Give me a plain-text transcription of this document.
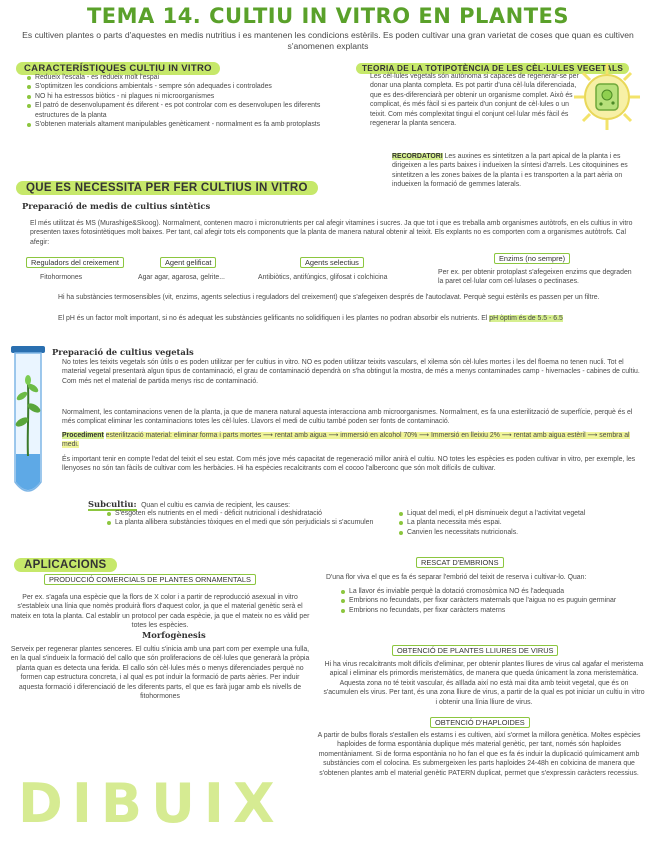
TEMA 14. CULTIU IN VITRO EN PLANTES

Es cultiven plantes o parts d'aquestes en medis nutritius i es mantenen les condicions estèrils. Es poden cultivar una gran varietat de coses que quan es cultiven s'anomenen explants

CARACTERÍSTIQUES CULTIU IN VITRO
Redueix l'escala - es redueix molt l'espai
S'optimitzen les condicions ambientals - sempre són adequades i controlades
NO hi ha estressos biòtics - ni plagues ni microorganismes
El patró de desenvolupament és diferent - es pot controlar com es desenvolupen les diferents estructures de la planta
S'obtenen materials altament manipulables genèticament - normalment es fa amb protoplasts
TEORIA DE LA TOTIPOTÈNCIA DE LES CÈL·LULES VEGETALS

Les cèl·lules vegetals són autònoma si capaces de regenerar-se per donar una planta completa. Es pot partir d'una cèl·lula diferenciada, que es des-diferenciarà per obtenir un organisme complet. Això és complicat, és més fàcil si es parteix d'un conjunt de cèl·lules o un teixit. Com més complexitat tingui el conjunt cel·lular més fàcil és regenerar la planta sencera.

RECORDATORI Les auxines es sintetitzen a la part apical de la planta i es dirigeixen a les parts baixes i indueixen la síntesi d'arrels. Les citoquinines es sintetitzen a les zones baixes de la planta i es transporten a la part aèria on indueixen la formació de gemmes laterals.

QUE ES NECESSITA PER FER CULTIUS IN VITRO
Preparació de medis de cultius sintètics

El més utilitzat és MS (Murashige&Skoog). Normalment, contenen macro i micronutrients per cal afegir vitamines i sucres. Ja que tot i que es treballa amb organismes autòtrofs, en els cultius in vitro presenten taxes fotosintètiques molt baixes. Per tant, cal afegir tots els components que la planta de manera natural obtenir al teixit. Els explants no es comporten com a organismes autòtrofs. Cal afegir:

Reguladors del creixement
Fitohormones
Agent gelificat
Agar agar, agarosa, gelrite...
Agents selectius
Antibiòtics, antifúngics, glifosat i colchicina
Enzims (no sempre)

Per ex. per obtenir protoplast s'afegeixen enzims que degraden la paret cel·lular com cel·lulases o pectinases.

Hi ha substàncies termosensibles (vit, enzims, agents selectius i reguladors del creixement) que s'afegeixen després de l'autoclavat. Perquè segui estèrils es passen per un filtre.

El pH és un factor molt important, si no és adequat les substàncies gelificants no solidifiquen i les plantes no podran absorbir els nutrients. El pH òptim és de 5.5 - 6.5

Preparació de cultius vegetals

No totes les teixits vegetals són útils o es poden utilitzar per fer cultius in vitro. NO es poden utilitzar teixits vasculars, el xilema són cèl·lules mortes i les del floema no tenen nucli. Tot el material vegetal presentarà algun tipus de contaminació, el grau de contaminació dependrà on s'ha obtingut la mostra, de més a menys contaminades camp - hivernacles - cabines de cultiu. Com més net el material de partida menys risc de contaminació.

Normalment, les contaminacions venen de la planta, ja que de manera natural aquesta interacciona amb microorganismes. Normalment, es fa una esterilització de superfície, perquè és el més complicat eliminar les contaminacions totes les cèl·lules. Llavors el medi de cultiu també poden ser fonts de contaminació.

Procediment esterilització material: eliminar forma i parts mortes ⟶ rentat amb aigua ⟶ immersió en alcohol 70% ⟶ Immersió en lleixiu 2% ⟶ rentat amb aigua estèril ⟶ sembra al medi.

És important tenir en compte l'edat del teixit el seu estat. Com més jove més capacitat de regeneració millor anirà el cultiu. NO totes les espècies es poden cultivar in vitro, per exemple, les llenyoses no són tan fàcils de cultivar com les herbàcies. Hi ha espècies recalcitrants com el cocoo l'alberconc que són molt difícils de cultivar.

Subcultiu: Quan el cultiu es canvia de recipient, les causes:
S'esgoten els nutrients en el medi - dèficit nutricional i deshidratació
La planta allibera substàncies tòxiques en el medi que són perjudicials si s'acumulen
Liquat del medi, el pH disminueix degut a l'activitat vegetal
La planta necessita més espai.
Canvien les necessitats nutricionals.
APLICACIONS
PRODUCCIÓ COMERCIALS DE PLANTES ORNAMENTALS

Per ex. s'agafa una espècie que la flors de X color i a partir de reproducció asexual in vitro s'estableix una línia que nomès produirà flors d'aquest color, ja que el material genètic serà el mateix en tota la planta. Cal establir un protocol per cada espècie, ja que el mateix no es vàlid per totes les espècies.

Morfogènesis

Serveix per regenerar plantes senceres. El cultiu s'inicia amb una part com per exemple una fulla, en la qual s'indueix la formació del callo que són proliferacions de cèl·lules que generarà la pròpia planta quan es detecta una ferida. El callo són cèl·lules més o menys diferenciades perquè no formen cap estructura concreta, i al qual es pot induir la formació de parts aèries. Per induir aquesta formació i diferenciació de les diferents parts, el que es farà jugar amb els nivells de fitohormones

RESCAT D'EMBRIONS

D'una flor viva el que es fa és separar l'embrió del teixit de reserva i cultivar-lo. Quan:

La llavor és inviable perquè la dotació cromosòmica NO és l'adequada
Embrions no fecundats, per fixar caràcters maternals que l'aigua no es puguin germinar
Embrions no fecundats, per fixar caràcters materns
OBTENCIÓ DE PLANTES LLIURES DE VIRUS

Hi ha virus recalcitrants molt difícils d'eliminar, per obtenir plantes lliures de virus cal agafar el meristema apical i eliminar els primordis meristemàtics, de manera que queda únicament la zona meristemàtica. Aquesta zona no té teixit vascular, és aïllada així no està mai dita amb teixit vegetal, que és on s'acumulen els virus. Per tant, és una zona lliure de virus, a partir de la qual es pot iniciar un cultiu in vitro i obtenir una línia lliure de virus.

OBTENCIÓ D'HAPLOIDES

A partir de bulbs florals s'estallen els estams i es cultiven, així s'ormet la millora genètica. Moltes espècies haploides de forma espontània duplique més material genètic, per tant, només són haploides momentàniament. Si de forma espontània no ho fan el que es fa és induir la duplicació químicament amb substàncies com el colocina. Es submergeixen les parts haploides 24-48h en colxicina de manera que s'obtenen plantes amb el material genètic PATERN duplicat, permet que s'expressin caràcters recessius.

DIBUIX
